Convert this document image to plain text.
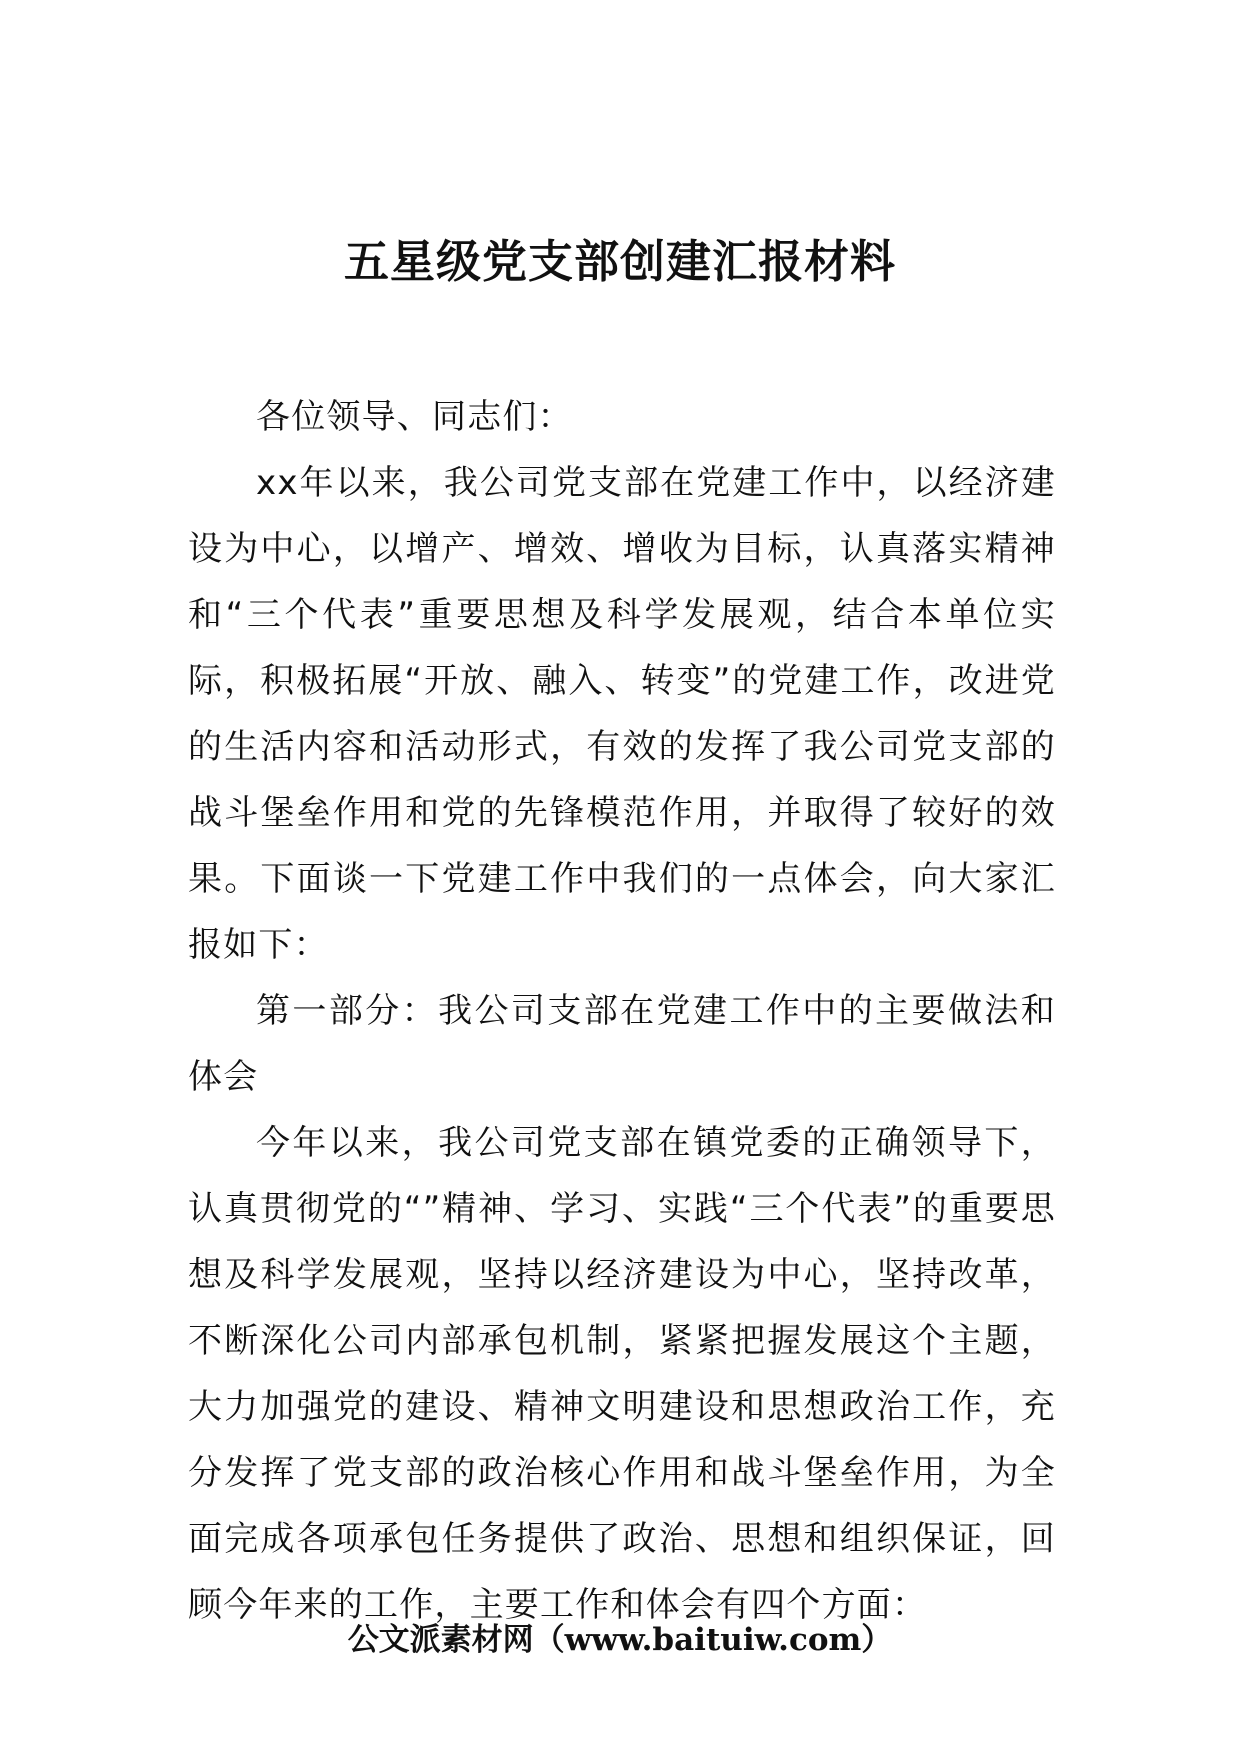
五星级党支部创建汇报材料

各位领导、同志们：

xx年以来，我公司党支部在党建工作中，以经济建设为中心，以增产、增效、增收为目标，认真落实精神和“三个代表”重要思想及科学发展观，结合本单位实际，积极拓展“开放、融入、转变”的党建工作，改进党的生活内容和活动形式，有效的发挥了我公司党支部的战斗堡垒作用和党的先锋模范作用，并取得了较好的效果。下面谈一下党建工作中我们的一点体会，向大家汇报如下：

第一部分：我公司支部在党建工作中的主要做法和体会

今年以来，我公司党支部在镇党委的正确领导下，认真贯彻党的“”精神、学习、实践“三个代表”的重要思想及科学发展观，坚持以经济建设为中心，坚持改革，不断深化公司内部承包机制，紧紧把握发展这个主题，大力加强党的建设、精神文明建设和思想政治工作，充分发挥了党支部的政治核心作用和战斗堡垒作用，为全面完成各项承包任务提供了政治、思想和组织保证，回顾今年来的工作，主要工作和体会有四个方面：

公文派素材网（www.baituiw.com）
